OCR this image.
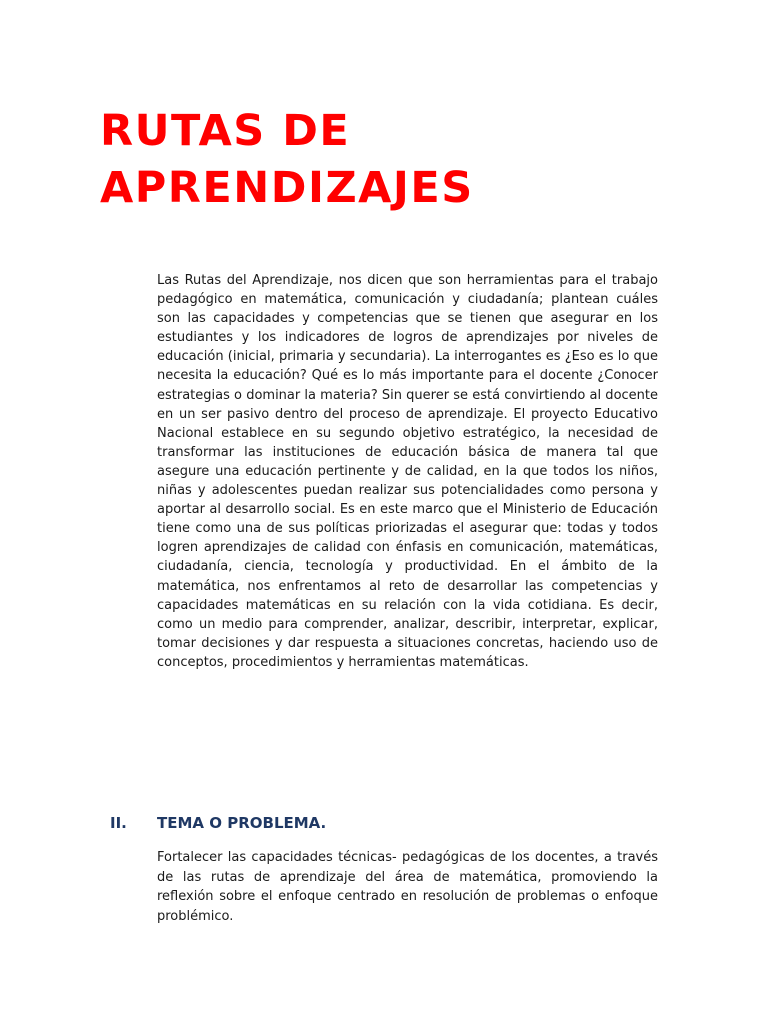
RUTAS DE
APRENDIZAJES

Las Rutas del Aprendizaje, nos dicen que son herramientas para el trabajo pedagógico en matemática, comunicación y ciudadanía; plantean cuáles son las capacidades y competencias que se tienen que asegurar en los estudiantes y los indicadores de logros de aprendizajes por niveles de educación (inicial, primaria y secundaria). La interrogantes es ¿Eso es lo que necesita la educación? Qué es lo más importante para el docente ¿Conocer estrategias o dominar la materia? Sin querer se está convirtiendo al docente en un ser pasivo dentro del proceso de aprendizaje. El proyecto Educativo Nacional establece en su segundo objetivo estratégico, la necesidad de transformar las instituciones de educación básica de manera tal que asegure una educación pertinente y de calidad, en la que todos los niños, niñas y adolescentes puedan realizar sus potencialidades como persona y aportar al desarrollo social. Es en este marco que el Ministerio de Educación tiene como una de sus políticas priorizadas el asegurar que: todas y todos logren aprendizajes de calidad con énfasis en comunicación, matemáticas, ciudadanía, ciencia, tecnología y productividad. En el ámbito de la matemática, nos enfrentamos al reto de desarrollar las competencias y capacidades matemáticas en su relación con la vida cotidiana. Es decir, como un medio para comprender, analizar, describir, interpretar, explicar, tomar decisiones y dar respuesta a situaciones concretas, haciendo uso de conceptos, procedimientos y herramientas matemáticas.

II. TEMA O PROBLEMA.

Fortalecer las capacidades técnicas- pedagógicas de los docentes, a través de las rutas de aprendizaje del área de matemática, promoviendo la reflexión sobre el enfoque centrado en resolución de problemas o enfoque problémico.
